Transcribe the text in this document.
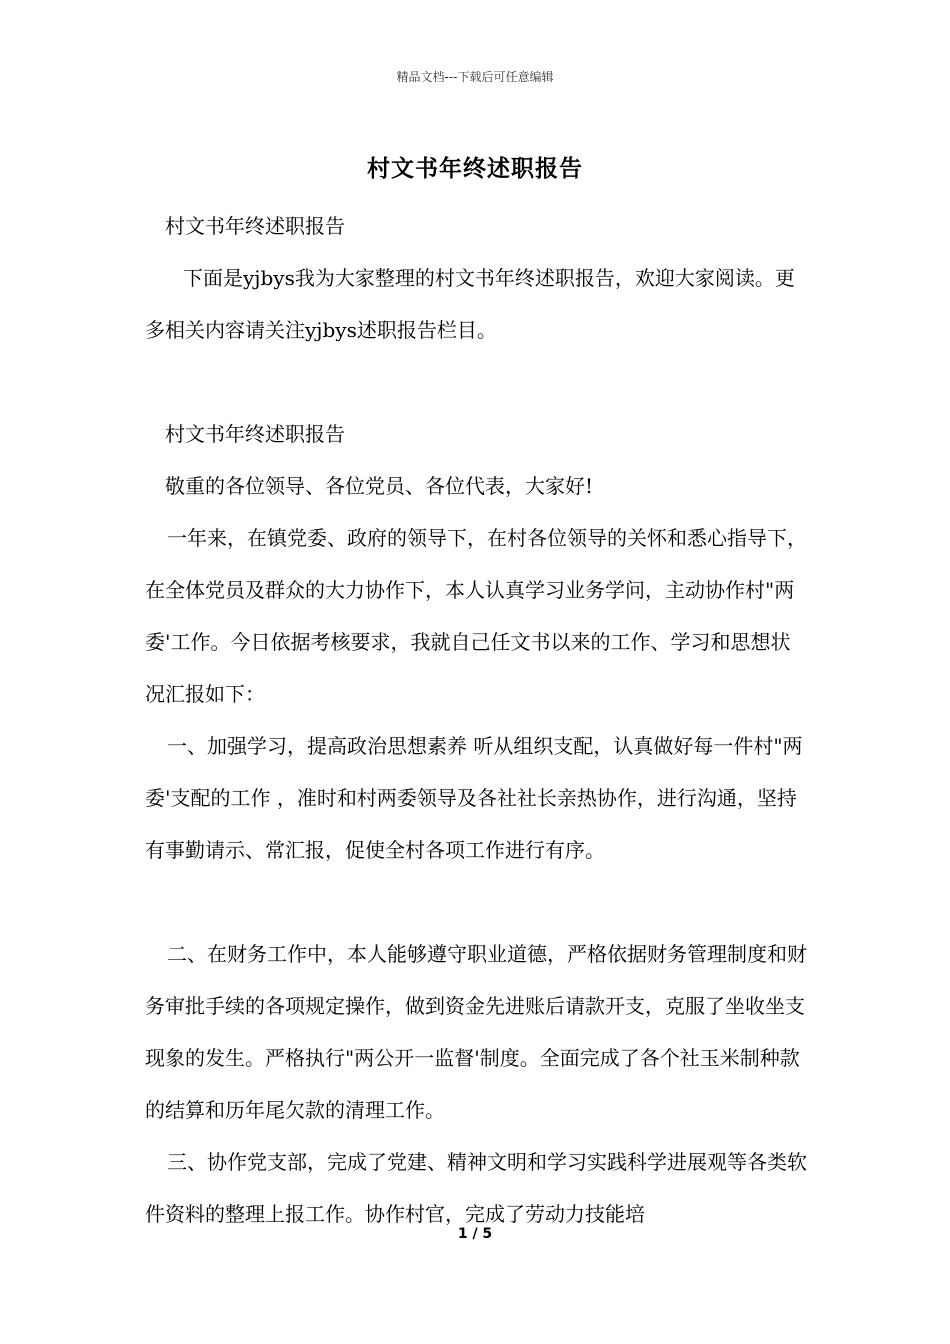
精品文档---下载后可任意编辑
村文书年终述职报告

村文书年终述职报告

下面是yjbys我为大家整理的村文书年终述职报告，欢迎大家阅读。更多相关内容请关注yjbys述职报告栏目。

村文书年终述职报告

敬重的各位领导、各位党员、各位代表，大家好!

一年来，在镇党委、政府的领导下，在村各位领导的关怀和悉心指导下，在全体党员及群众的大力协作下，本人认真学习业务学问，主动协作村"两委'工作。今日依据考核要求，我就自己任文书以来的工作、学习和思想状况汇报如下：

一、加强学习，提高政治思想素养 听从组织支配，认真做好每一件村"两委'支配的工作 ，准时和村两委领导及各社社长亲热协作，进行沟通，坚持有事勤请示、常汇报，促使全村各项工作进行有序。

二、在财务工作中，本人能够遵守职业道德，严格依据财务管理制度和财务审批手续的各项规定操作，做到资金先进账后请款开支，克服了坐收坐支现象的发生。严格执行"两公开一监督'制度。全面完成了各个社玉米制种款的结算和历年尾欠款的清理工作。

三、协作党支部，完成了党建、精神文明和学习实践科学进展观等各类软件资料的整理上报工作。协作村官，完成了劳动力技能培

1 / 5
